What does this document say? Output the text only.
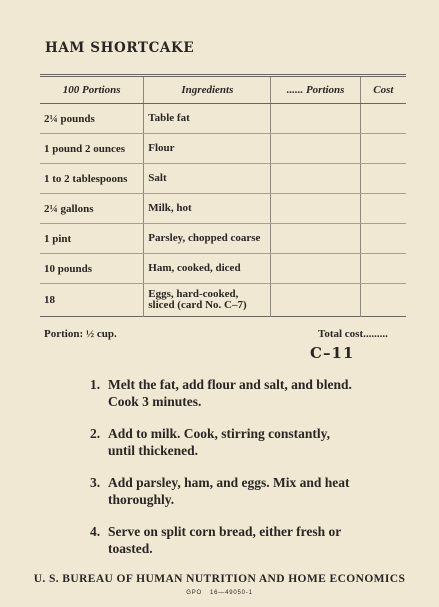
HAM SHORTCAKE
100 Portions	Ingredients	...... Portions	Cost
2¼ pounds	Table fat		
1 pound 2 ounces	Flour		
1 to 2 tablespoons	Salt		
2¼ gallons	Milk, hot		
1 pint	Parsley, chopped coarse		
10 pounds	Ham, cooked, diced		
18	Eggs, hard-cooked, sliced (card No. C–7)		

Portion: ½ cup.	Total cost.........

C–11

1. Melt the fat, add flour and salt, and blend. Cook 3 minutes.
2. Add to milk. Cook, stirring constantly, until thickened.
3. Add parsley, ham, and eggs. Mix and heat thoroughly.
4. Serve on split corn bread, either fresh or toasted.

U. S. BUREAU OF HUMAN NUTRITION AND HOME ECONOMICS

GPO 16—49050-1
